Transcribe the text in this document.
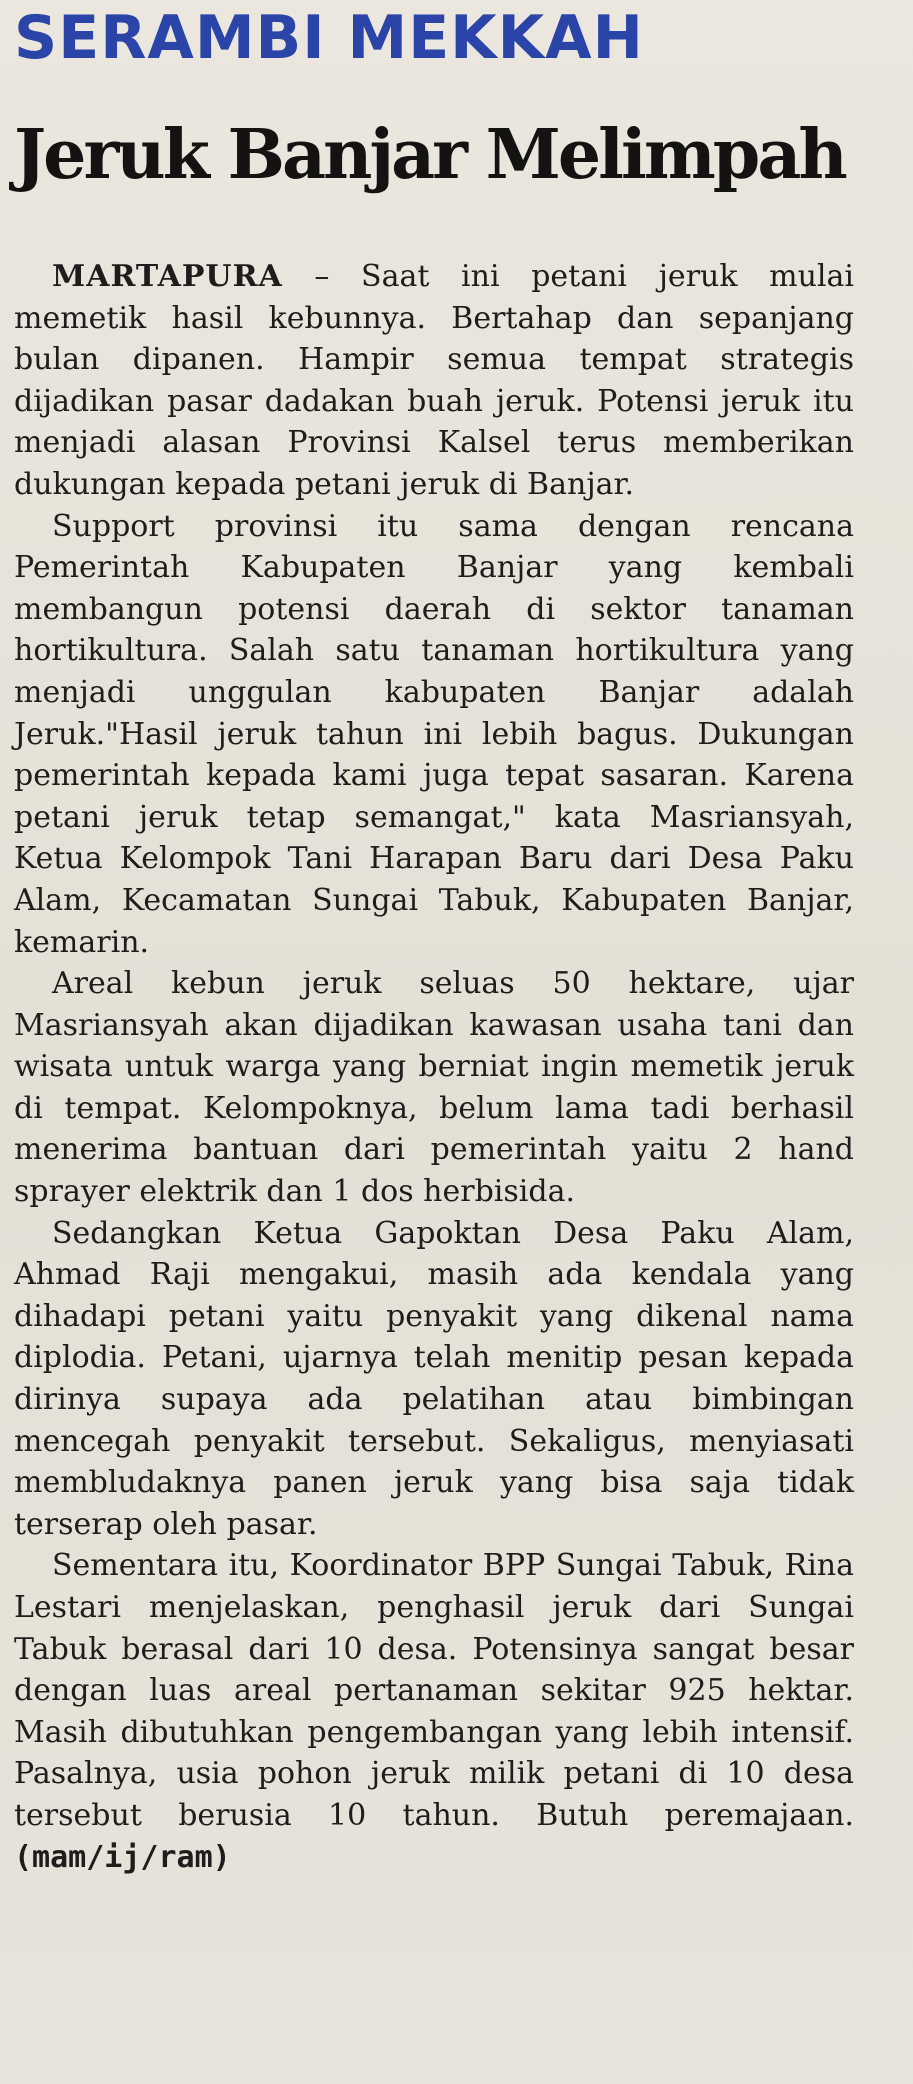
SERAMBI MEKKAH
Jeruk Banjar Melimpah

MARTAPURA – Saat ini petani jeruk mulai memetik hasil kebunnya. Bertahap dan sepanjang bulan dipanen. Hampir semua tempat strategis dijadikan pasar dadakan buah jeruk. Potensi jeruk itu menjadi alasan Provinsi Kalsel terus memberikan dukungan kepada petani jeruk di Banjar.

Support provinsi itu sama dengan rencana Pemerintah Kabupaten Banjar yang kembali membangun potensi daerah di sektor tanaman hortikultura. Salah satu tanaman hortikultura yang menjadi unggulan kabupaten Banjar adalah Jeruk."Hasil jeruk tahun ini lebih bagus. Dukungan pemerintah kepada kami juga tepat sasaran. Karena petani jeruk tetap semangat," kata Masriansyah, Ketua Kelompok Tani Harapan Baru dari Desa Paku Alam, Kecamatan Sungai Tabuk, Kabupaten Banjar, kemarin.

Areal kebun jeruk seluas 50 hektare, ujar Masriansyah akan dijadikan kawasan usaha tani dan wisata untuk warga yang berniat ingin memetik jeruk di tempat. Kelompoknya, belum lama tadi berhasil menerima bantuan dari pemerintah yaitu 2 hand sprayer elektrik dan 1 dos herbisida.

Sedangkan Ketua Gapoktan Desa Paku Alam, Ahmad Raji mengakui, masih ada kendala yang dihadapi petani yaitu penyakit yang dikenal nama diplodia. Petani, ujarnya telah menitip pesan kepada dirinya supaya ada pelatihan atau bimbingan mencegah penyakit tersebut. Sekaligus, menyiasati membludaknya panen jeruk yang bisa saja tidak terserap oleh pasar.

Sementara itu, Koordinator BPP Sungai Tabuk, Rina Lestari menjelaskan, penghasil jeruk dari Sungai Tabuk berasal dari 10 desa. Potensinya sangat besar dengan luas areal pertanaman sekitar 925 hektar. Masih dibutuhkan pengembangan yang lebih intensif. Pasalnya, usia pohon jeruk milik petani di 10 desa tersebut berusia 10 tahun. Butuh peremajaan. (mam/ij/ram)
